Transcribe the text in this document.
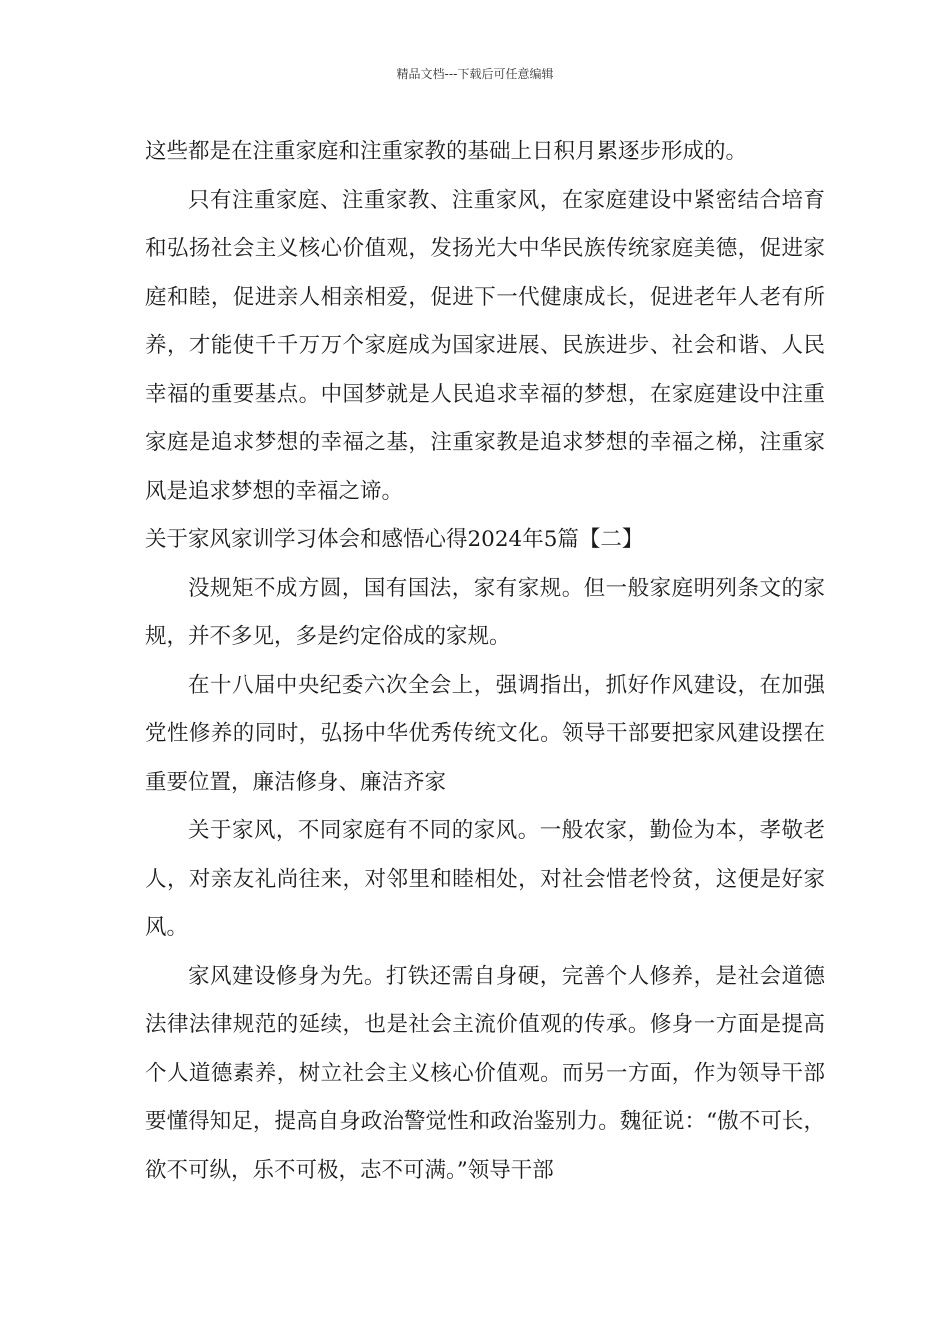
精品文档---下载后可任意编辑

这些都是在注重家庭和注重家教的基础上日积月累逐步形成的。

只有注重家庭、注重家教、注重家风，在家庭建设中紧密结合培育和弘扬社会主义核心价值观，发扬光大中华民族传统家庭美德，促进家庭和睦，促进亲人相亲相爱，促进下一代健康成长，促进老年人老有所养，才能使千千万万个家庭成为国家进展、民族进步、社会和谐、人民幸福的重要基点。中国梦就是人民追求幸福的梦想，在家庭建设中注重家庭是追求梦想的幸福之基，注重家教是追求梦想的幸福之梯，注重家风是追求梦想的幸福之谛。

关于家风家训学习体会和感悟心得2024年5篇【二】

没规矩不成方圆，国有国法，家有家规。但一般家庭明列条文的家规，并不多见，多是约定俗成的家规。

在十八届中央纪委六次全会上，强调指出，抓好作风建设，在加强党性修养的同时，弘扬中华优秀传统文化。领导干部要把家风建设摆在重要位置，廉洁修身、廉洁齐家

关于家风，不同家庭有不同的家风。一般农家，勤俭为本，孝敬老人，对亲友礼尚往来，对邻里和睦相处，对社会惜老怜贫，这便是好家风。

家风建设修身为先。打铁还需自身硬，完善个人修养，是社会道德法律法律规范的延续，也是社会主流价值观的传承。修身一方面是提高个人道德素养，树立社会主义核心价值观。而另一方面，作为领导干部要懂得知足，提高自身政治警觉性和政治鉴别力。魏征说：“傲不可长，欲不可纵，乐不可极，志不可满。”领导干部
